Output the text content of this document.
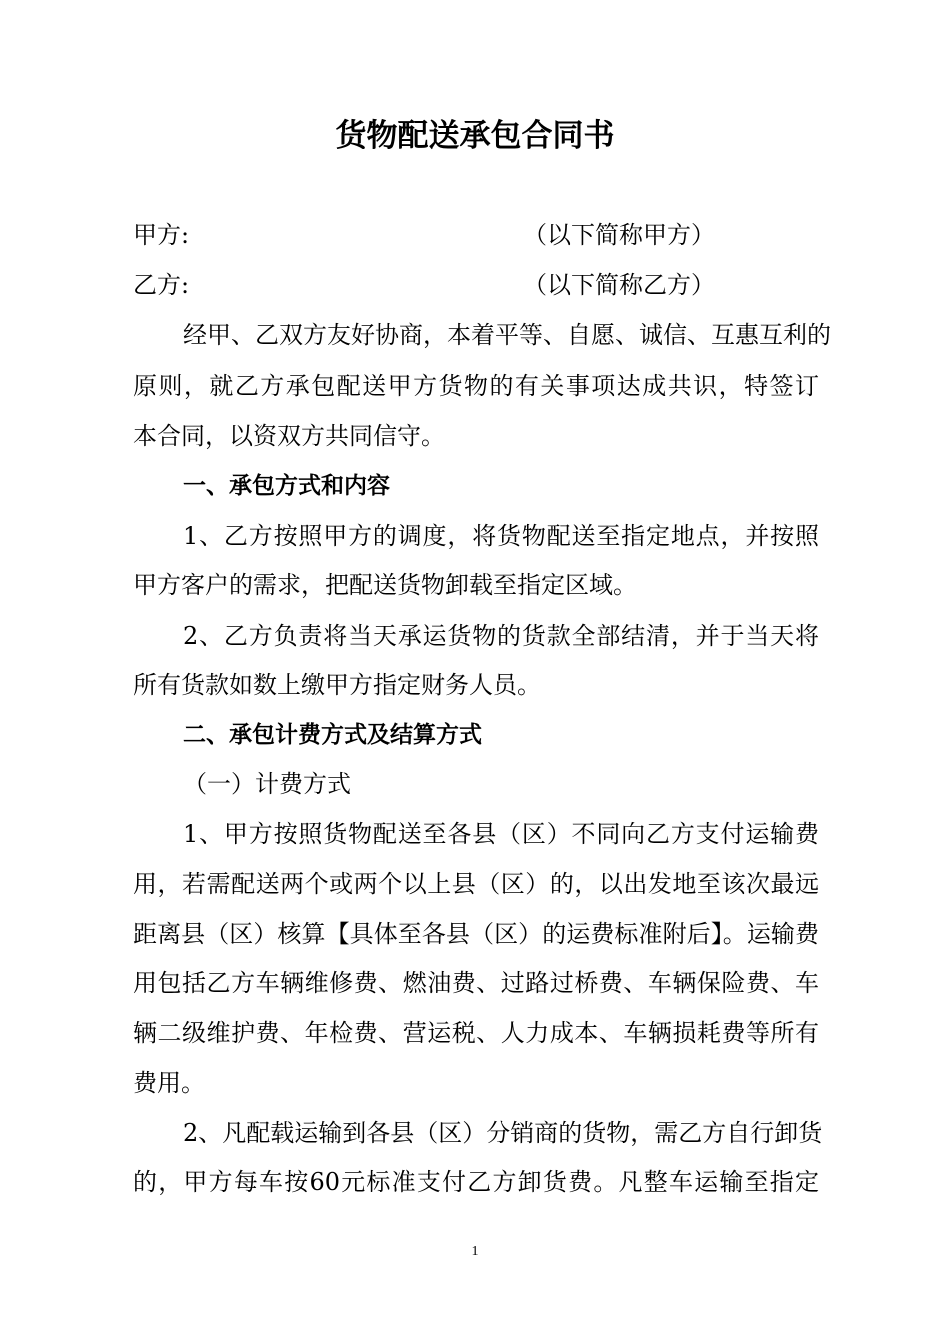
货物配送承包合同书

甲方:	（以下简称甲方）

乙方:	（以下简称乙方）

经甲、乙双方友好协商，本着平等、自愿、诚信、互惠互利的

原则，就乙方承包配送甲方货物的有关事项达成共识，特签订

本合同，以资双方共同信守。

一、承包方式和内容

1、乙方按照甲方的调度，将货物配送至指定地点，并按照

甲方客户的需求，把配送货物卸载至指定区域。

2、乙方负责将当天承运货物的货款全部结清，并于当天将

所有货款如数上缴甲方指定财务人员。

二、承包计费方式及结算方式

（一）计费方式

1、甲方按照货物配送至各县（区）不同向乙方支付运输费

用，若需配送两个或两个以上县（区）的，以出发地至该次最远

距离县（区）核算【具体至各县（区）的运费标准附后】。运输费

用包括乙方车辆维修费、燃油费、过路过桥费、车辆保险费、车

辆二级维护费、年检费、营运税、人力成本、车辆损耗费等所有

费用。

2、凡配载运输到各县（区）分销商的货物，需乙方自行卸货

的，甲方每车按60元标准支付乙方卸货费。凡整车运输至指定

1
